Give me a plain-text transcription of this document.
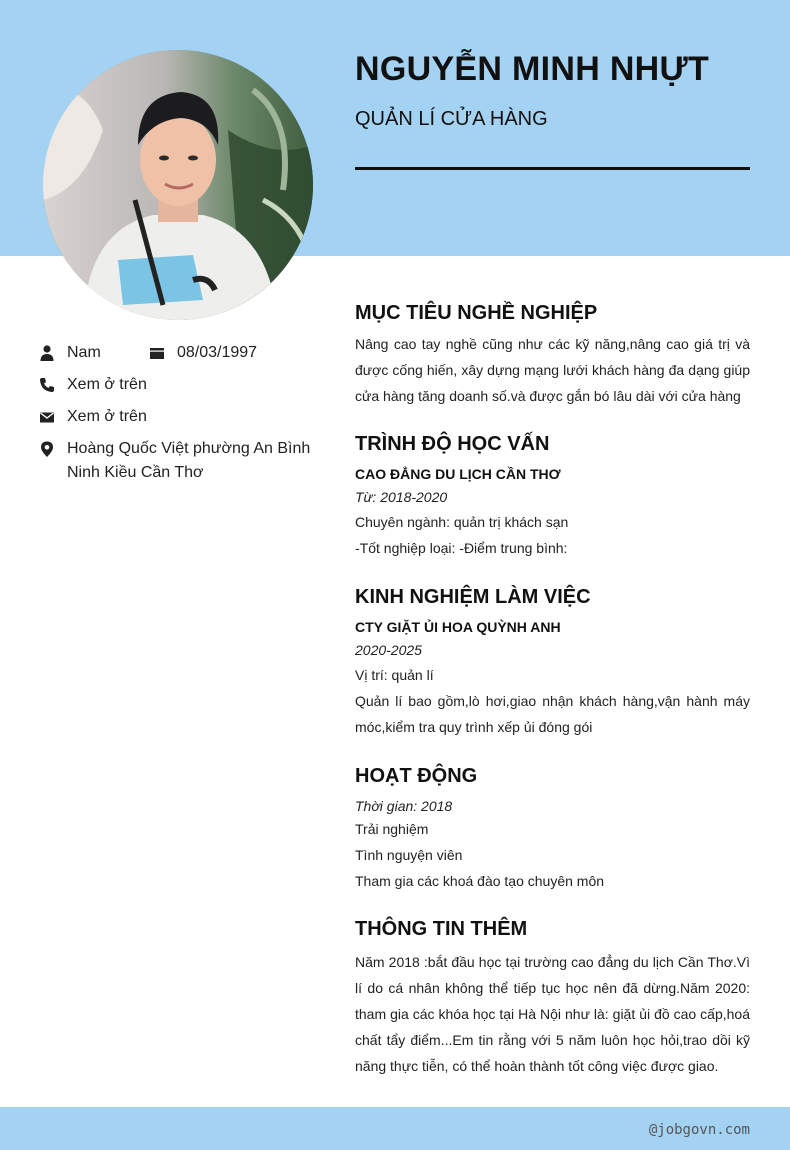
NGUYỄN MINH NHỰT
QUẢN LÍ CỬA HÀNG
Nam	08/03/1997
Xem ở trên
Xem ở trên
Hoàng Quốc Việt phường An Bình
Ninh Kiều Cần Thơ
MỤC TIÊU NGHỀ NGHIỆP
Nâng cao tay nghề cũng như các kỹ năng,nâng cao giá trị và được cống hiến, xây dựng mạng lưới khách hàng đa dạng giúp cửa hàng tăng doanh số.và được gắn bó lâu dài với cửa hàng
TRÌNH ĐỘ HỌC VẤN
CAO ĐẲNG DU LỊCH CẦN THƠ
Từ: 2018-2020
Chuyên ngành: quản trị khách sạn
-Tốt nghiệp loại: -Điểm trung bình:
KINH NGHIỆM LÀM VIỆC
CTY GIẶT ỦI HOA QUỲNH ANH
2020-2025
Vị trí: quản lí
Quản lí bao gồm,lò hơi,giao nhận khách hàng,vận hành máy móc,kiểm tra quy trình xếp ủi đóng gói
HOẠT ĐỘNG
Thời gian: 2018
Trải nghiệm
Tình nguyện viên
Tham gia các khoá đào tạo chuyên môn
THÔNG TIN THÊM
Năm 2018 :bắt đầu học tại trường cao đẳng du lịch Cần Thơ.Vì lí do cá nhân không thể tiếp tục học nên đã dừng.Năm 2020: tham gia các khóa học tại Hà Nội như là: giặt ủi đồ cao cấp,hoá chất tẩy điểm...Em tin rằng với 5 năm luôn học hỏi,trao dồi kỹ năng thực tiễn, có thể hoàn thành tốt công việc được giao.
@jobgovn.com
